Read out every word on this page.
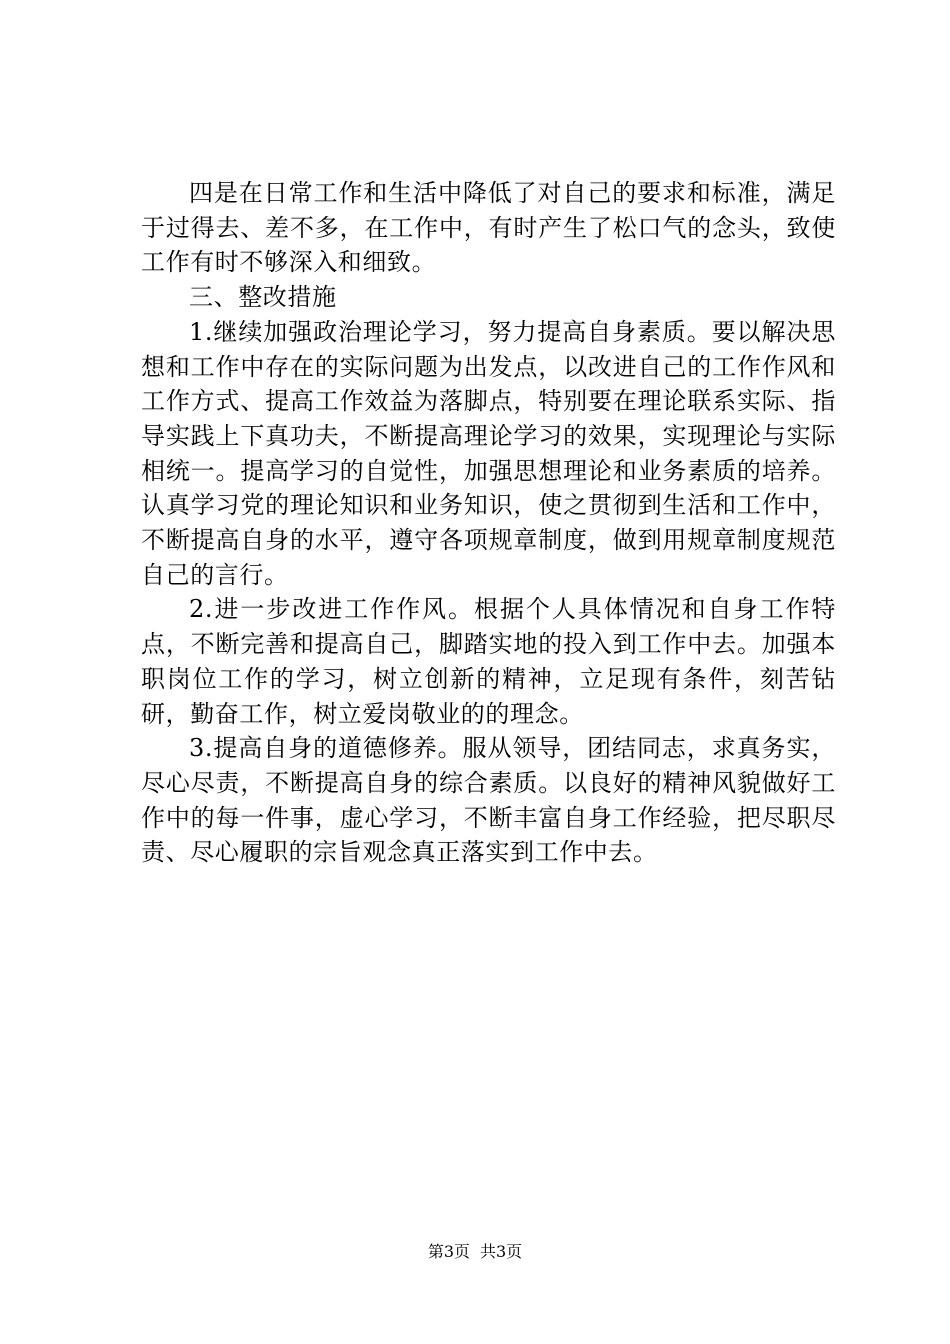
四是在日常工作和生活中降低了对自己的要求和标准，满足于过得去、差不多，在工作中，有时产生了松口气的念头，致使工作有时不够深入和细致。

三、整改措施

1.继续加强政治理论学习，努力提高自身素质。要以解决思想和工作中存在的实际问题为出发点，以改进自己的工作作风和工作方式、提高工作效益为落脚点，特别要在理论联系实际、指导实践上下真功夫，不断提高理论学习的效果，实现理论与实际相统一。提高学习的自觉性，加强思想理论和业务素质的培养。认真学习党的理论知识和业务知识，使之贯彻到生活和工作中，不断提高自身的水平，遵守各项规章制度，做到用规章制度规范自己的言行。

2.进一步改进工作作风。根据个人具体情况和自身工作特点，不断完善和提高自己，脚踏实地的投入到工作中去。加强本职岗位工作的学习，树立创新的精神，立足现有条件，刻苦钻研，勤奋工作，树立爱岗敬业的的理念。

3.提高自身的道德修养。服从领导，团结同志，求真务实，尽心尽责，不断提高自身的综合素质。以良好的精神风貌做好工作中的每一件事，虚心学习，不断丰富自身工作经验，把尽职尽责、尽心履职的宗旨观念真正落实到工作中去。

第3页 共3页
